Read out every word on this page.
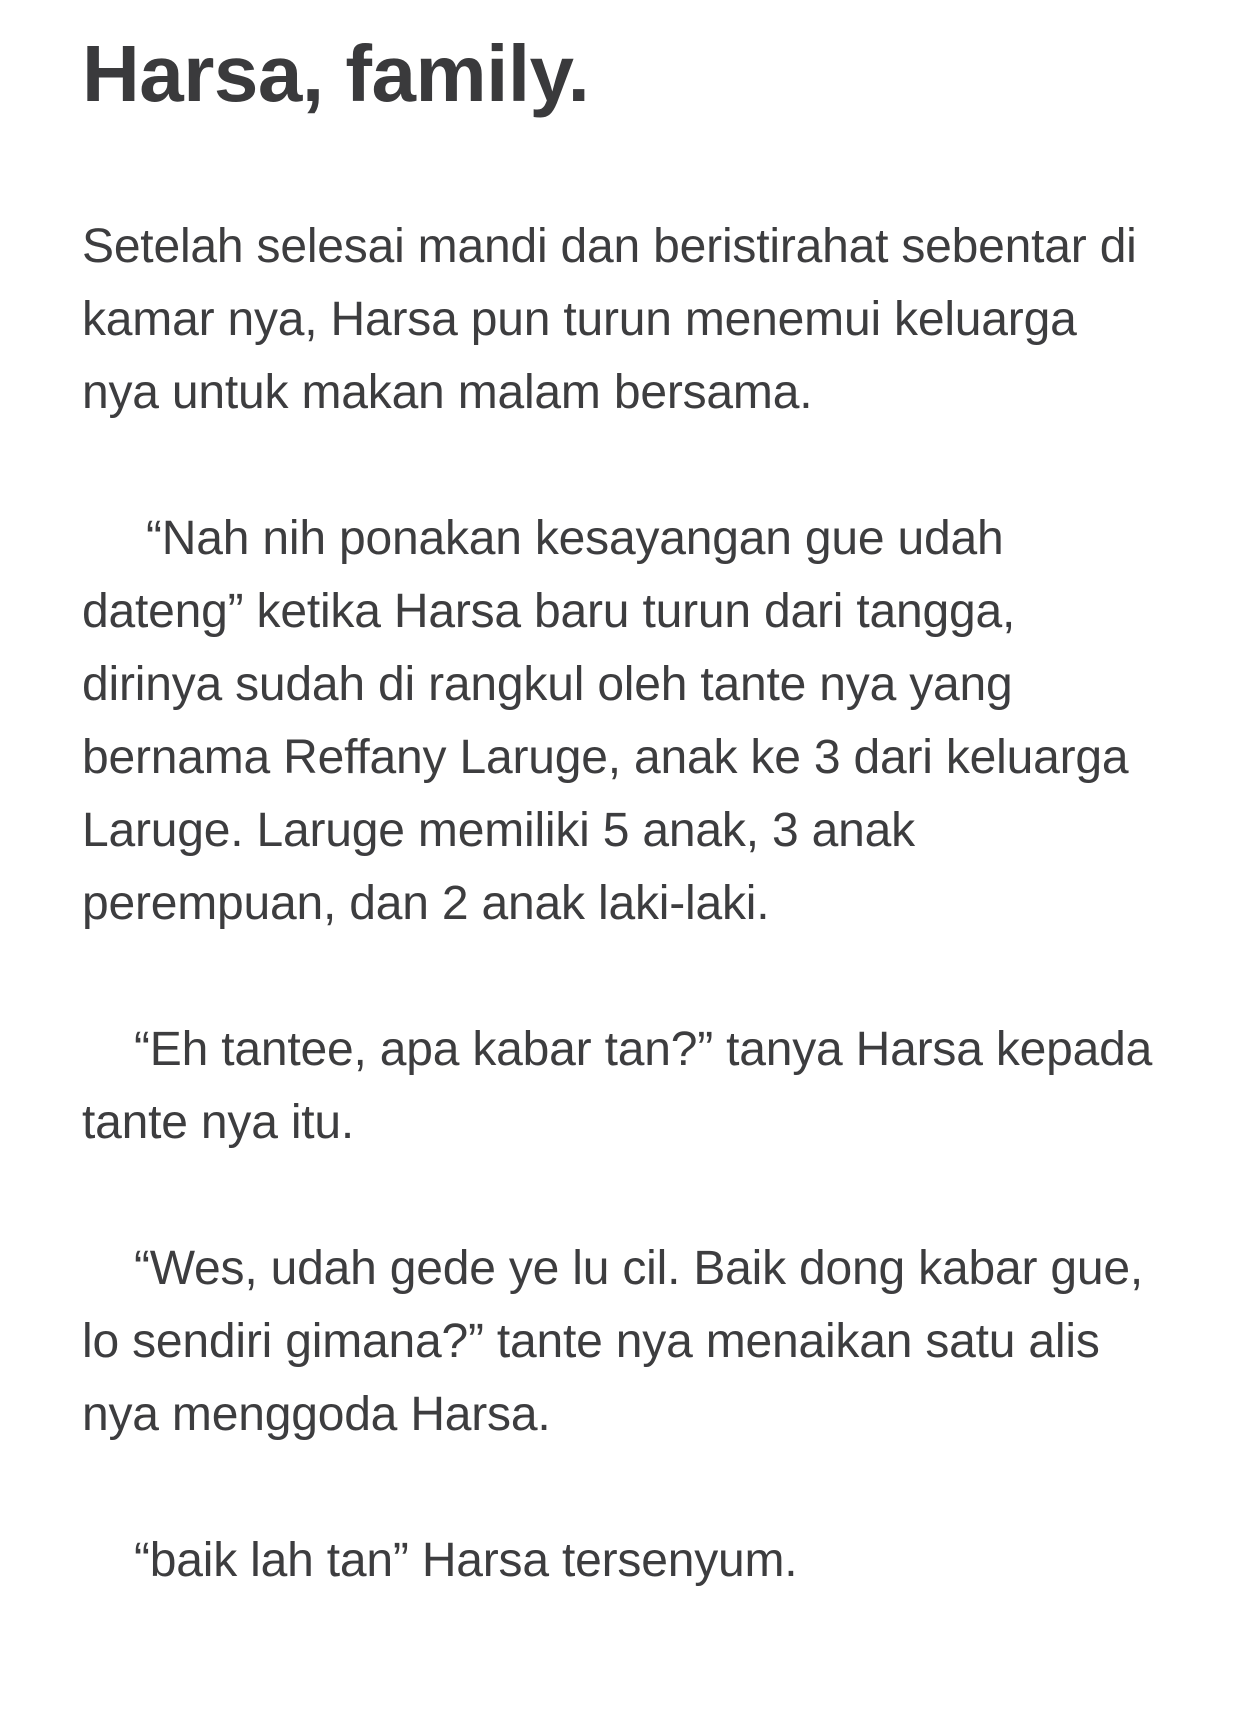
Harsa, family.

Setelah selesai mandi dan beristirahat sebentar di kamar nya, Harsa pun turun menemui keluarga nya untuk makan malam bersama.

“Nah nih ponakan kesayangan gue udah dateng” ketika Harsa baru turun dari tangga, dirinya sudah di rangkul oleh tante nya yang bernama Reffany Laruge, anak ke 3 dari keluarga Laruge. Laruge memiliki 5 anak, 3 anak perempuan, dan 2 anak laki-laki.

“Eh tantee, apa kabar tan?” tanya Harsa kepada tante nya itu.

“Wes, udah gede ye lu cil. Baik dong kabar gue, lo sendiri gimana?” tante nya menaikan satu alis nya menggoda Harsa.

“baik lah tan” Harsa tersenyum.
